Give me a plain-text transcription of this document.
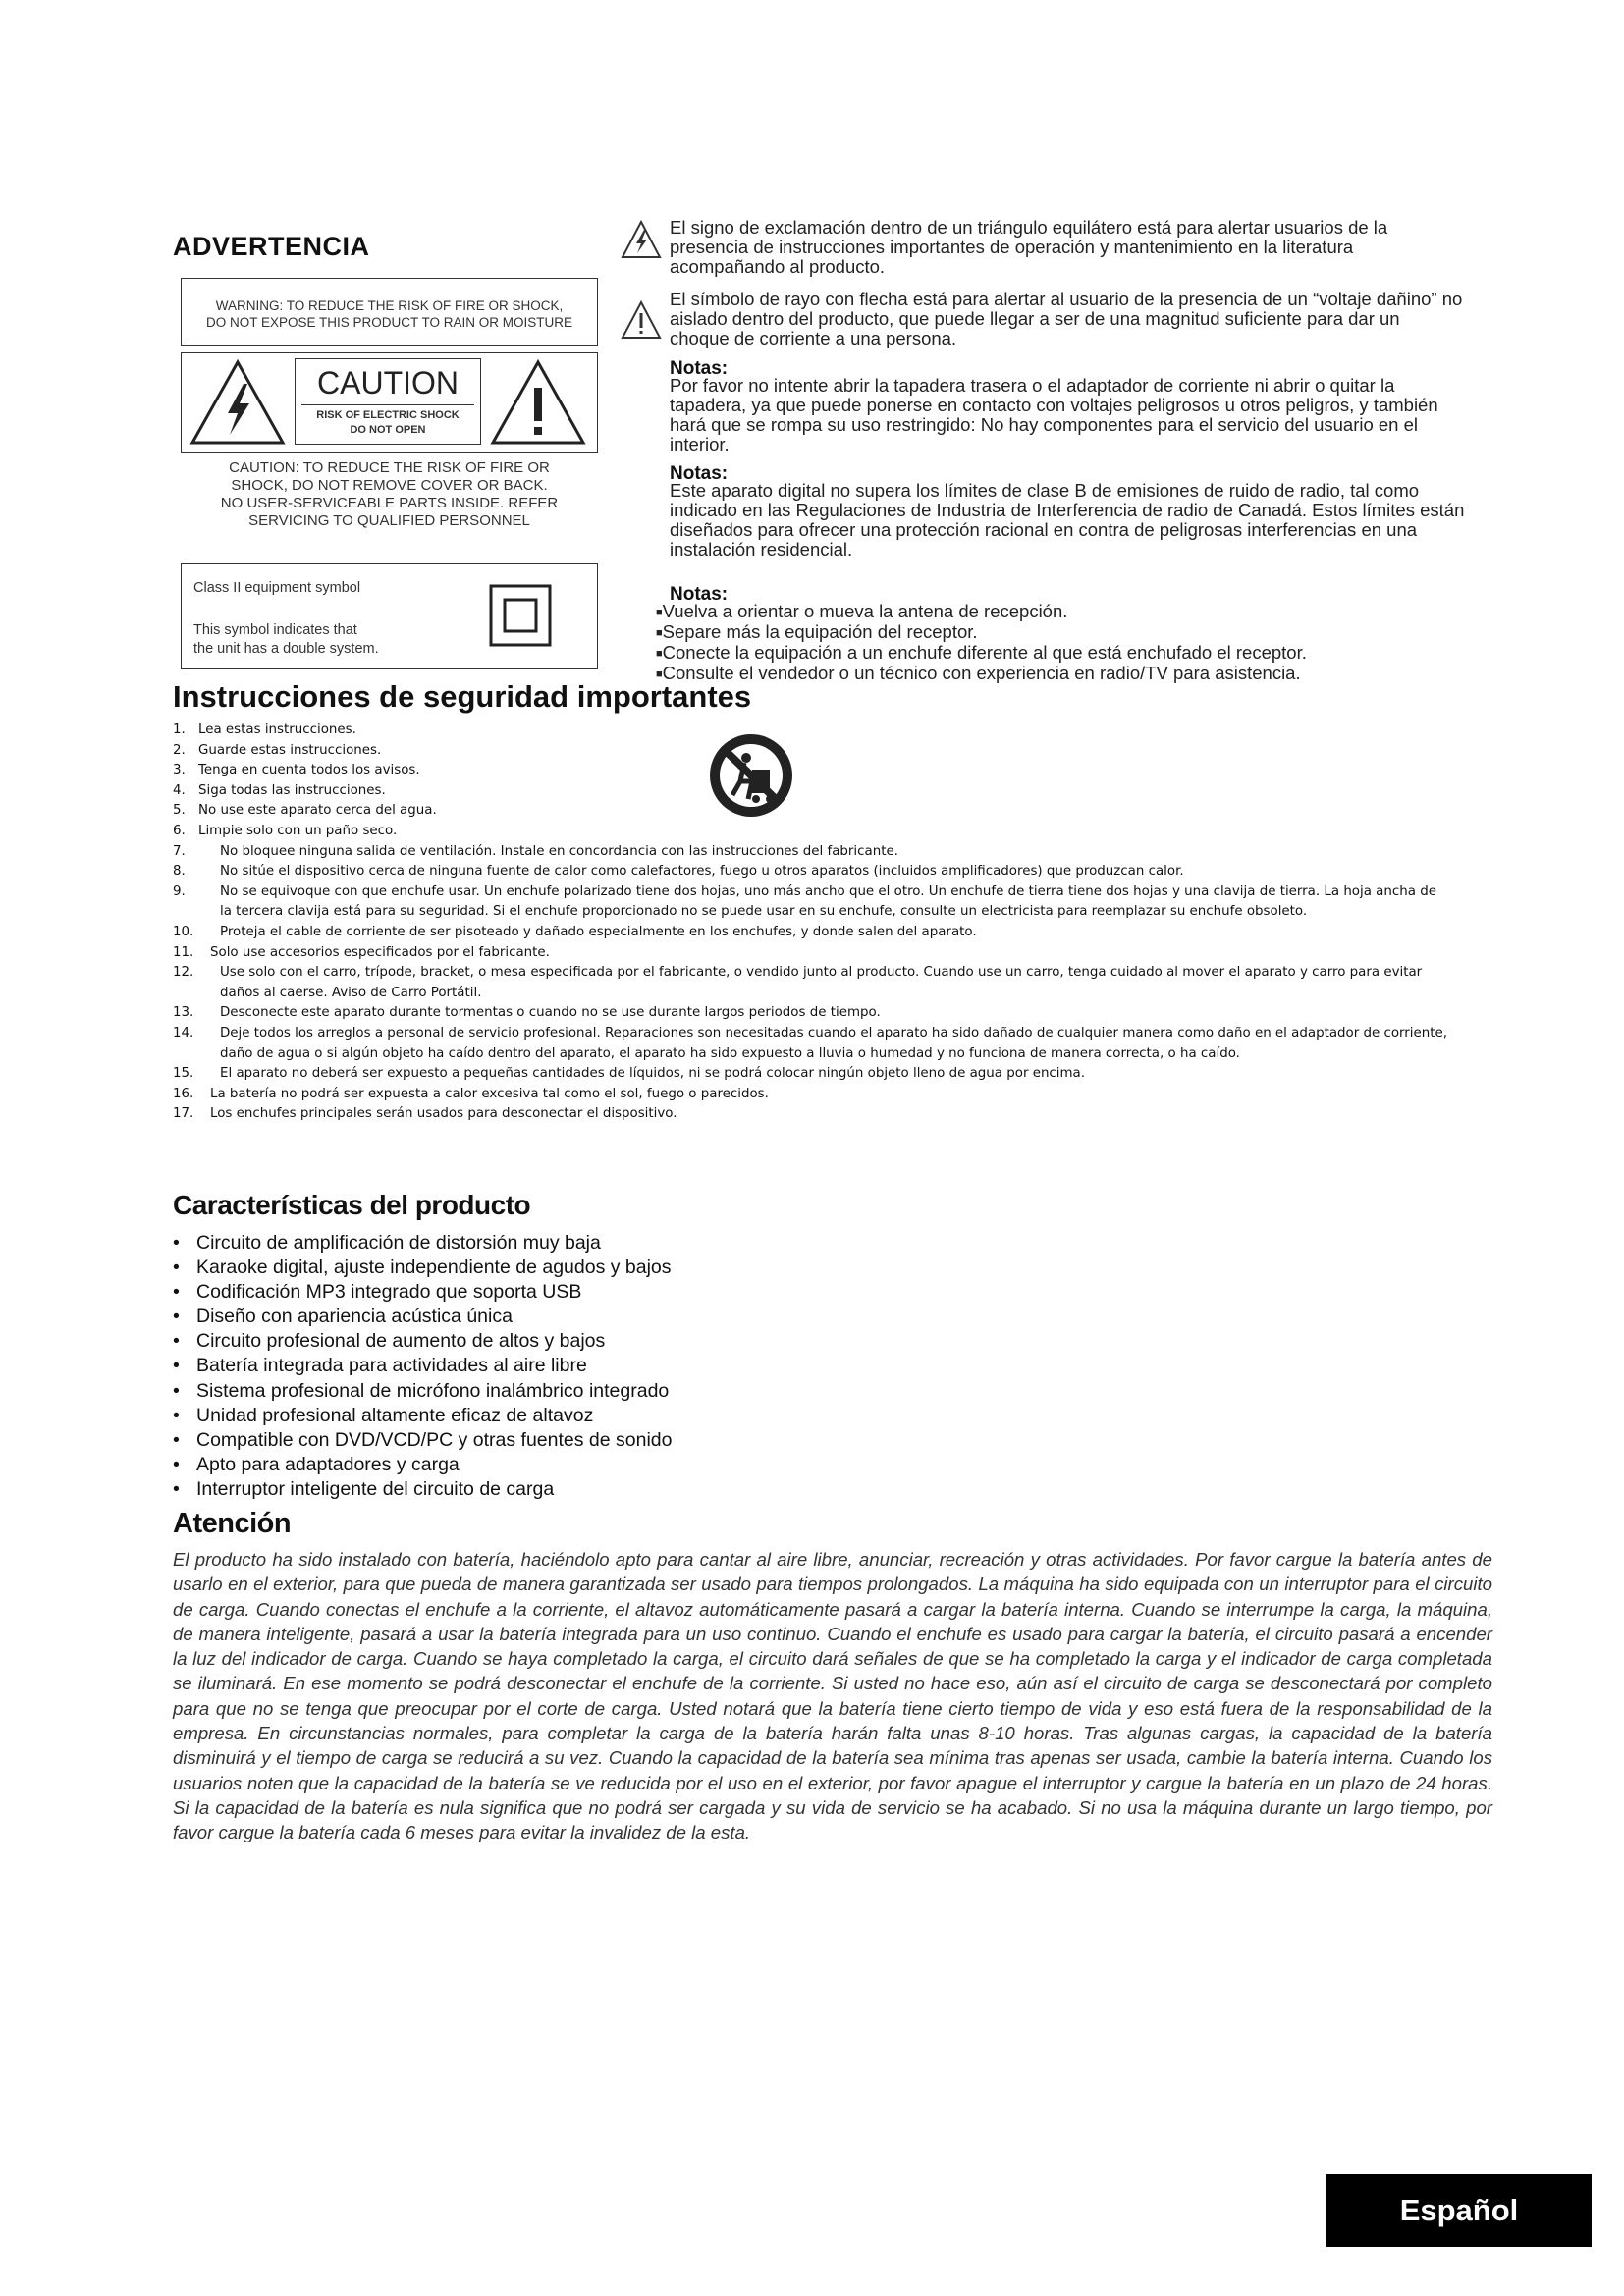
ADVERTENCIA
WARNING: TO REDUCE THE RISK OF FIRE OR SHOCK,
DO NOT EXPOSE THIS PRODUCT TO RAIN OR MOISTURE
CAUTION
RISK OF ELECTRIC SHOCK
DO NOT OPEN
CAUTION: TO REDUCE THE RISK OF FIRE OR
SHOCK, DO NOT REMOVE COVER OR BACK.
NO USER-SERVICEABLE PARTS INSIDE. REFER
SERVICING TO QUALIFIED PERSONNEL
Class II equipment symbol
This symbol indicates that
the unit has a double system.
El signo de exclamación dentro de un triángulo equilátero está para alertar usuarios de la presencia de instrucciones importantes de operación y mantenimiento en la literatura acompañando al producto.
El símbolo de rayo con flecha está para alertar al usuario de la presencia de un “voltaje dañino” no aislado dentro del producto, que puede llegar a ser de una magnitud suficiente para dar un choque de corriente a una persona.
Notas:
Por favor no intente abrir la tapadera trasera o el adaptador de corriente ni abrir o quitar la tapadera, ya que puede ponerse en contacto con voltajes peligrosos u otros peligros, y también hará que se rompa su uso restringido: No hay componentes para el servicio del usuario en el interior.
Notas:
Este aparato digital no supera los límites de clase B de emisiones de ruido de radio, tal como indicado en las Regulaciones de Industria de Interferencia de radio de Canadá. Estos límites están diseñados para ofrecer una protección racional en contra de peligrosas interferencias en una instalación residencial.
Notas:
■Vuelva a orientar o mueva la antena de recepción.
■Separe más la equipación del receptor.
■Conecte la equipación a un enchufe diferente al que está enchufado el receptor.
■Consulte el vendedor o un técnico con experiencia en radio/TV para asistencia.
Instrucciones de seguridad importantes
1. Lea estas instrucciones.
2. Guarde estas instrucciones.
3. Tenga en cuenta todos los avisos.
4. Siga todas las instrucciones.
5. No use este aparato cerca del agua.
6. Limpie solo con un paño seco.
7.	No bloquee ninguna salida de ventilación. Instale en concordancia con las instrucciones del fabricante.
8.	No sitúe el dispositivo cerca de ninguna fuente de calor como calefactores, fuego u otros aparatos (incluidos amplificadores) que produzcan calor.
9.	No se equivoque con que enchufe usar. Un enchufe polarizado tiene dos hojas, uno más ancho que el otro. Un enchufe de tierra tiene dos hojas y una clavija de tierra. La hoja ancha de la tercera clavija está para su seguridad. Si el enchufe proporcionado no se puede usar en su enchufe, consulte un electricista para reemplazar su enchufe obsoleto.
10.	Proteja el cable de corriente de ser pisoteado y dañado especialmente en los enchufes, y donde salen del aparato.
11.	Solo use accesorios especificados por el fabricante.
12.	Use solo con el carro, trípode, bracket, o mesa especificada por el fabricante, o vendido junto al producto. Cuando use un carro, tenga cuidado al mover el aparato y carro para evitar daños al caerse. Aviso de Carro Portátil.
13.	Desconecte este aparato durante tormentas o cuando no se use durante largos periodos de tiempo.
14.	Deje todos los arreglos a personal de servicio profesional. Reparaciones son necesitadas cuando el aparato ha sido dañado de cualquier manera como daño en el adaptador de corriente, daño de agua o si algún objeto ha caído dentro del aparato, el aparato ha sido expuesto a lluvia o humedad y no funciona de manera correcta, o ha caído.
15.	El aparato no deberá ser expuesto a pequeñas cantidades de líquidos, ni se podrá colocar ningún objeto lleno de agua por encima.
16.	La batería no podrá ser expuesta a calor excesiva tal como el sol, fuego o parecidos.
17.	Los enchufes principales serán usados para desconectar el dispositivo.
Características del producto
• Circuito de amplificación de distorsión muy baja
• Karaoke digital, ajuste independiente de agudos y bajos
• Codificación MP3 integrado que soporta USB
• Diseño con apariencia acústica única
• Circuito profesional de aumento de altos y bajos
• Batería integrada para actividades al aire libre
• Sistema profesional de micrófono inalámbrico integrado
• Unidad profesional altamente eficaz de altavoz
• Compatible con DVD/VCD/PC y otras fuentes de sonido
• Apto para adaptadores y carga
• Interruptor inteligente del circuito de carga
Atención
El producto ha sido instalado con batería, haciéndolo apto para cantar al aire libre, anunciar, recreación y otras actividades. Por favor cargue la batería antes de usarlo en el exterior, para que pueda de manera garantizada ser usado para tiempos prolongados. La máquina ha sido equipada con un interruptor para el circuito de carga. Cuando conectas el enchufe a la corriente, el altavoz automáticamente pasará a cargar la batería interna. Cuando se interrumpe la carga, la máquina, de manera inteligente, pasará a usar la batería integrada para un uso continuo. Cuando el enchufe es usado para cargar la batería, el circuito pasará a encender la luz del indicador de carga. Cuando se haya completado la carga, el circuito dará señales de que se ha completado la carga y el indicador de carga completada se iluminará. En ese momento se podrá desconectar el enchufe de la corriente. Si usted no hace eso, aún así el circuito de carga se desconectará por completo para que no se tenga que preocupar por el corte de carga. Usted notará que la batería tiene cierto tiempo de vida y eso está fuera de la responsabilidad de la empresa. En circunstancias normales, para completar la carga de la batería harán falta unas 8-10 horas. Tras algunas cargas, la capacidad de la batería disminuirá y el tiempo de carga se reducirá a su vez. Cuando la capacidad de la batería sea mínima tras apenas ser usada, cambie la batería interna. Cuando los usuarios noten que la capacidad de la batería se ve reducida por el uso en el exterior, por favor apague el interruptor y cargue la batería en un plazo de 24 horas. Si la capacidad de la batería es nula significa que no podrá ser cargada y su vida de servicio se ha acabado. Si no usa la máquina durante un largo tiempo, por favor cargue la batería cada 6 meses para evitar la invalidez de la esta.
Español
